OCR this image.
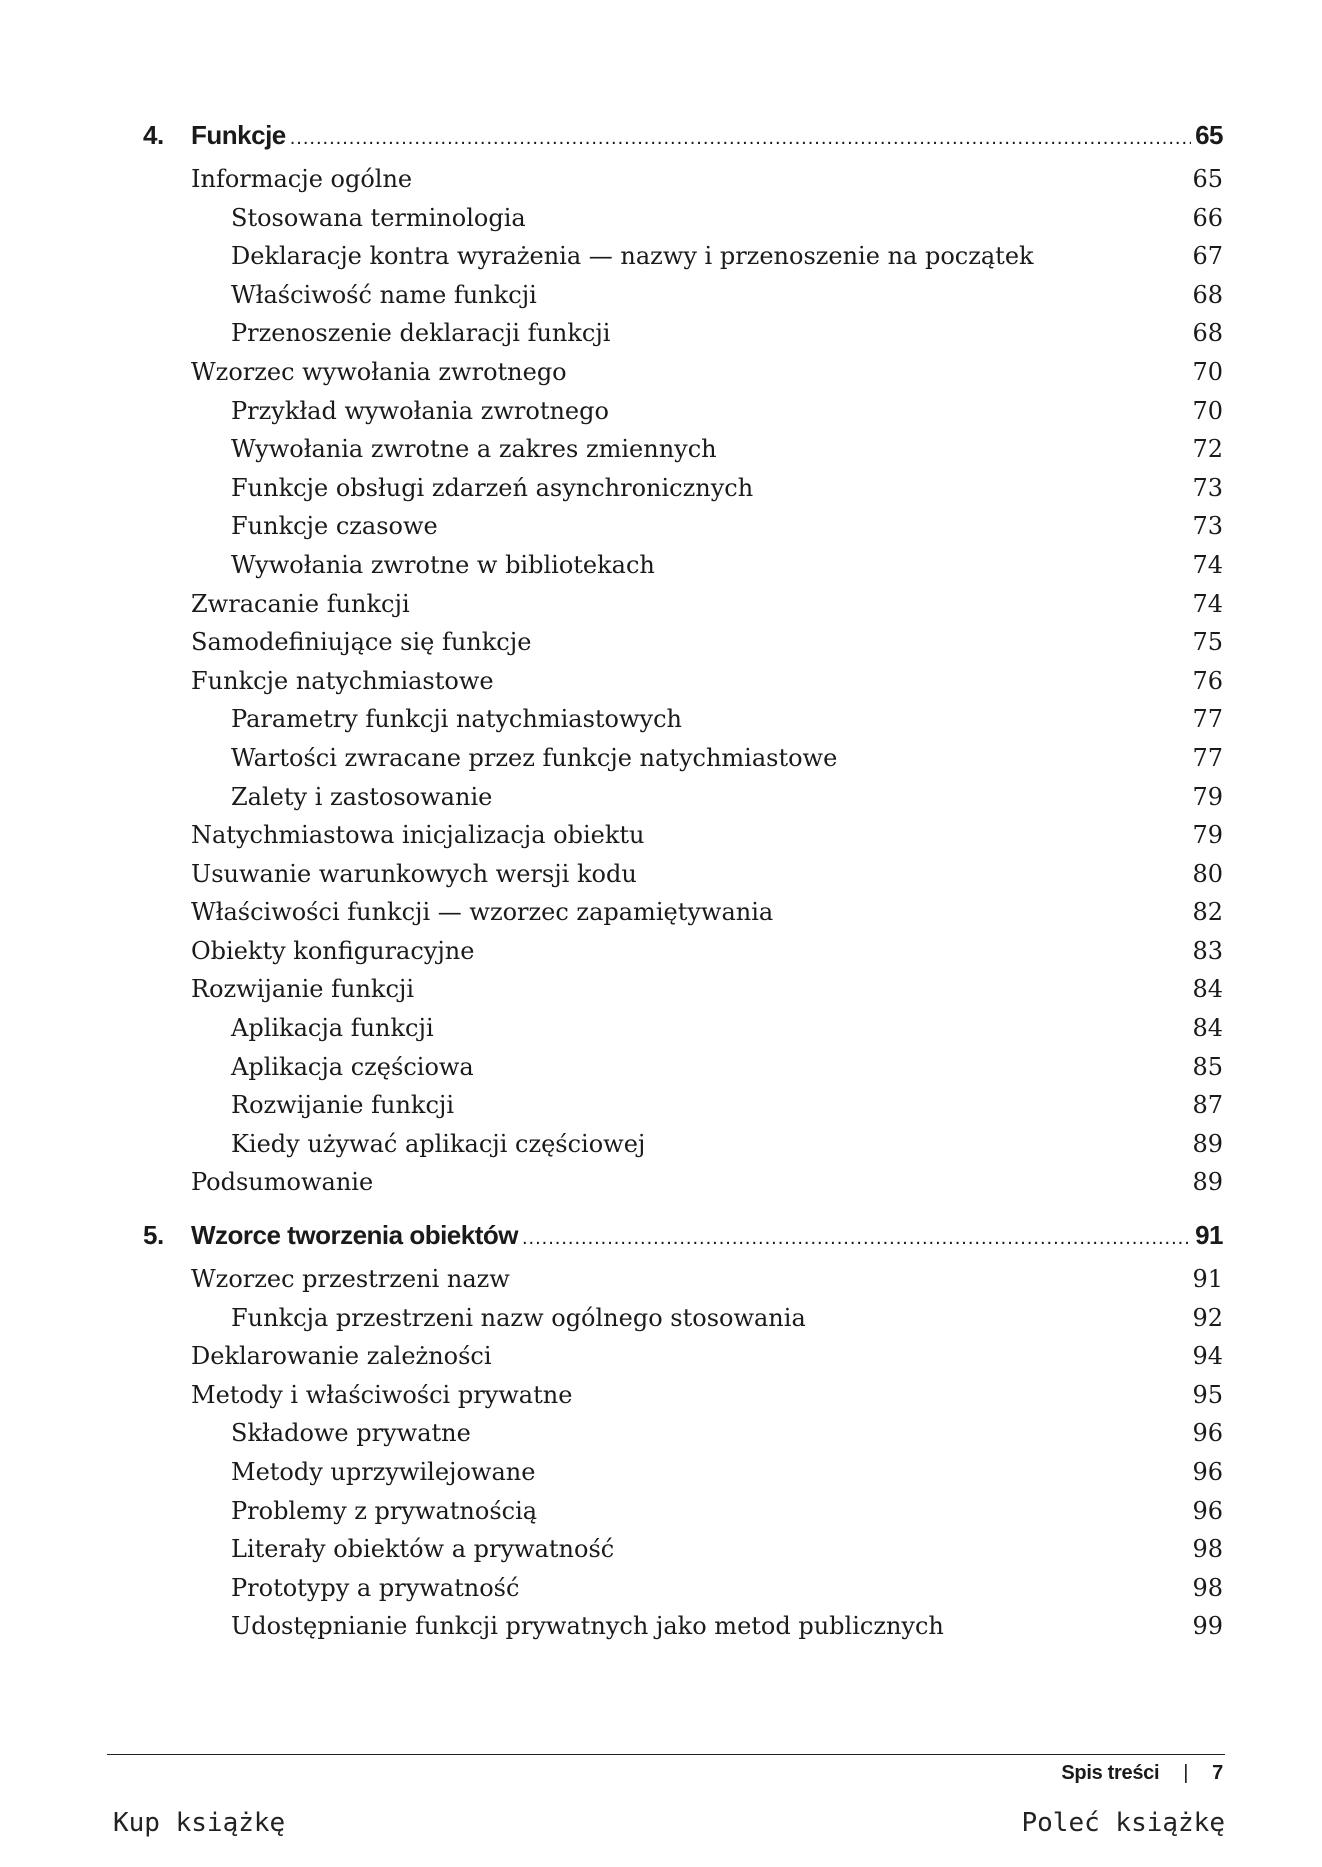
4.	Funkcje .....	65
Informacje ogólne	65
Stosowana terminologia	66
Deklaracje kontra wyrażenia — nazwy i przenoszenie na początek	67
Właściwość name funkcji	68
Przenoszenie deklaracji funkcji	68
Wzorzec wywołania zwrotnego	70
Przykład wywołania zwrotnego	70
Wywołania zwrotne a zakres zmiennych	72
Funkcje obsługi zdarzeń asynchronicznych	73
Funkcje czasowe	73
Wywołania zwrotne w bibliotekach	74
Zwracanie funkcji	74
Samodefiniujące się funkcje	75
Funkcje natychmiastowe	76
Parametry funkcji natychmiastowych	77
Wartości zwracane przez funkcje natychmiastowe	77
Zalety i zastosowanie	79
Natychmiastowa inicjalizacja obiektu	79
Usuwanie warunkowych wersji kodu	80
Właściwości funkcji — wzorzec zapamiętywania	82
Obiekty konfiguracyjne	83
Rozwijanie funkcji	84
Aplikacja funkcji	84
Aplikacja częściowa	85
Rozwijanie funkcji	87
Kiedy używać aplikacji częściowej	89
Podsumowanie	89
5.	Wzorce tworzenia obiektów .....	91
Wzorzec przestrzeni nazw	91
Funkcja przestrzeni nazw ogólnego stosowania	92
Deklarowanie zależności	94
Metody i właściwości prywatne	95
Składowe prywatne	96
Metody uprzywilejowane	96
Problemy z prywatnością	96
Literały obiektów a prywatność	98
Prototypy a prywatność	98
Udostępnianie funkcji prywatnych jako metod publicznych	99
Spis treści | 7
Kup książkę	Poleć książkę
